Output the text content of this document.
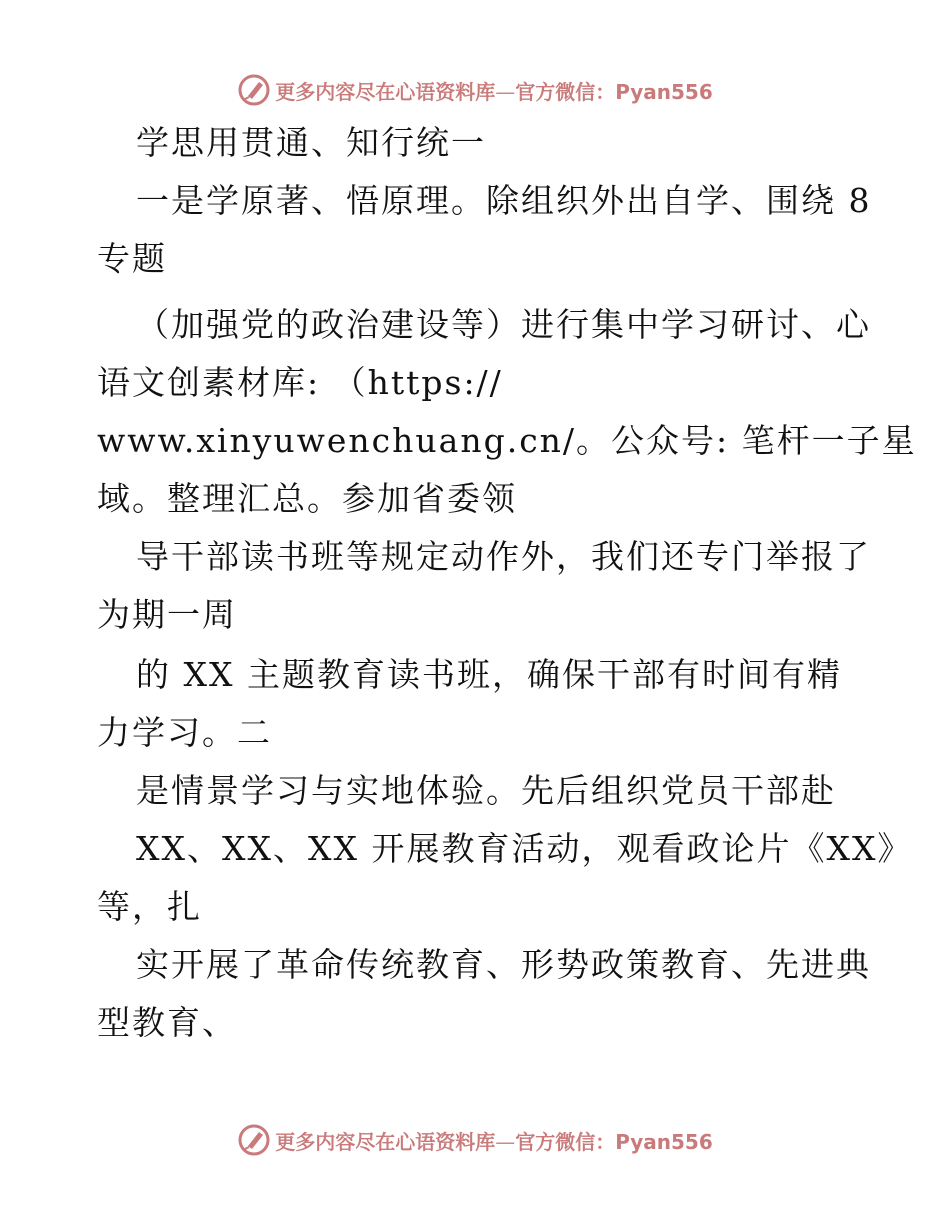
更多内容尽在心语资料库—官方微信：Pyan556
学思用贯通、知行统一
一是学原著、悟原理。除组织外出自学、围绕 8
专题
（加强党的政治建设等）进行集中学习研讨、心
语文创素材库: （https://
www.xinyuwenchuang.cn/。公众号: 笔杆一子星
域。整理汇总。参加省委领
导干部读书班等规定动作外，我们还专门举报了
为期一周
的 XX 主题教育读书班，确保干部有时间有精
力学习。二
是情景学习与实地体验。先后组织党员干部赴
XX、XX、XX 开展教育活动，观看政论片《XX》
等，扎
实开展了革命传统教育、形势政策教育、先进典
型教育、
更多内容尽在心语资料库—官方微信：Pyan556
